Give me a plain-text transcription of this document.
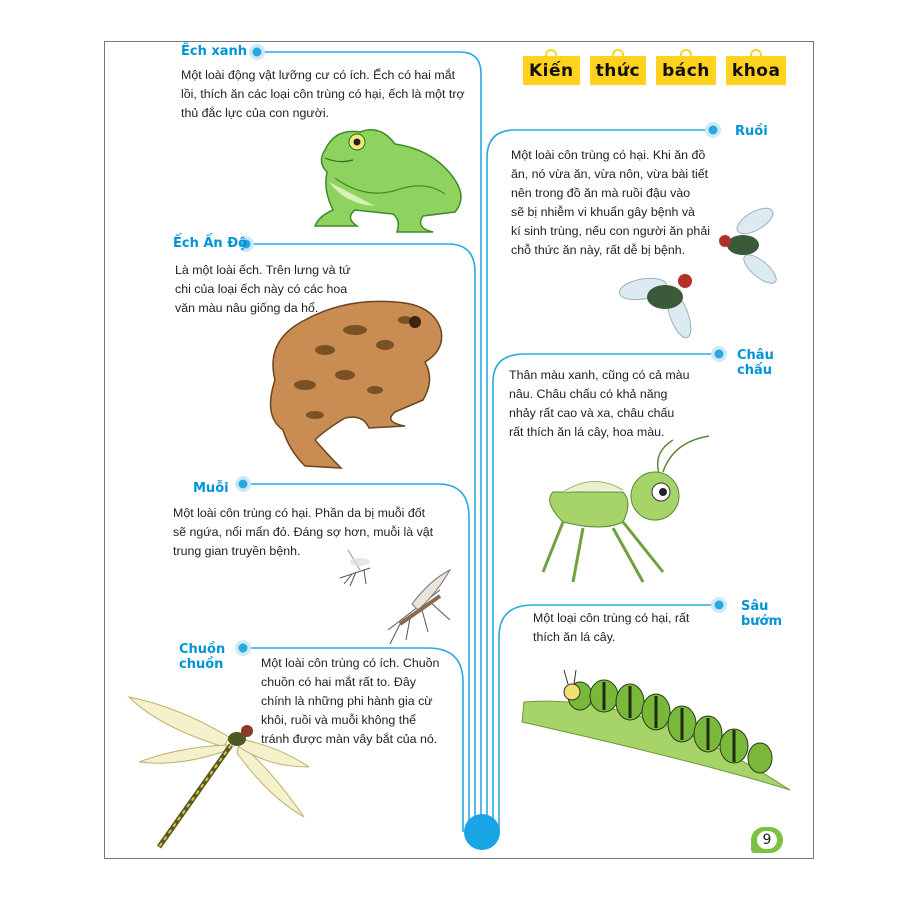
Kiến	thức	bách	khoa
Ếch xanh
Một loài động vật lưỡng cư có ích. Ếch có hai mắt
lồi, thích ăn các loại côn trùng có hại, ếch là một trợ
thủ đắc lực của con người.
Ếch Ấn Độ
Là một loài ếch. Trên lưng và tứ
chi của loại ếch này có các hoa
văn màu nâu giống da hổ.
Muỗi
Một loài côn trùng có hại. Phần da bị muỗi đốt
sẽ ngứa, nổi mẩn đỏ. Đáng sợ hơn, muỗi là vật
trung gian truyền bệnh.
Chuồn
chuồn	Một loài côn trùng có ích. Chuồn
chuồn có hai mắt rất to. Đây
chính là những phi hành gia cừ
khôi, ruồi và muỗi không thể
tránh được màn vây bắt của nó.
Ruồi
Một loài côn trùng có hại. Khi ăn đồ
ăn, nó vừa ăn, vừa nôn, vừa bài tiết
nên trong đồ ăn mà ruồi đậu vào
sẽ bị nhiễm vi khuẩn gây bệnh và
kí sinh trùng, nếu con người ăn phải
chỗ thức ăn này, rất dễ bị bệnh.
Châu chấu
Thân màu xanh, cũng có cả màu
nâu. Châu chấu có khả năng
nhảy rất cao và xa, châu chấu
rất thích ăn lá cây, hoa màu.
Sâu bướm
Một loại côn trùng có hại, rất
thích ăn lá cây.
9
